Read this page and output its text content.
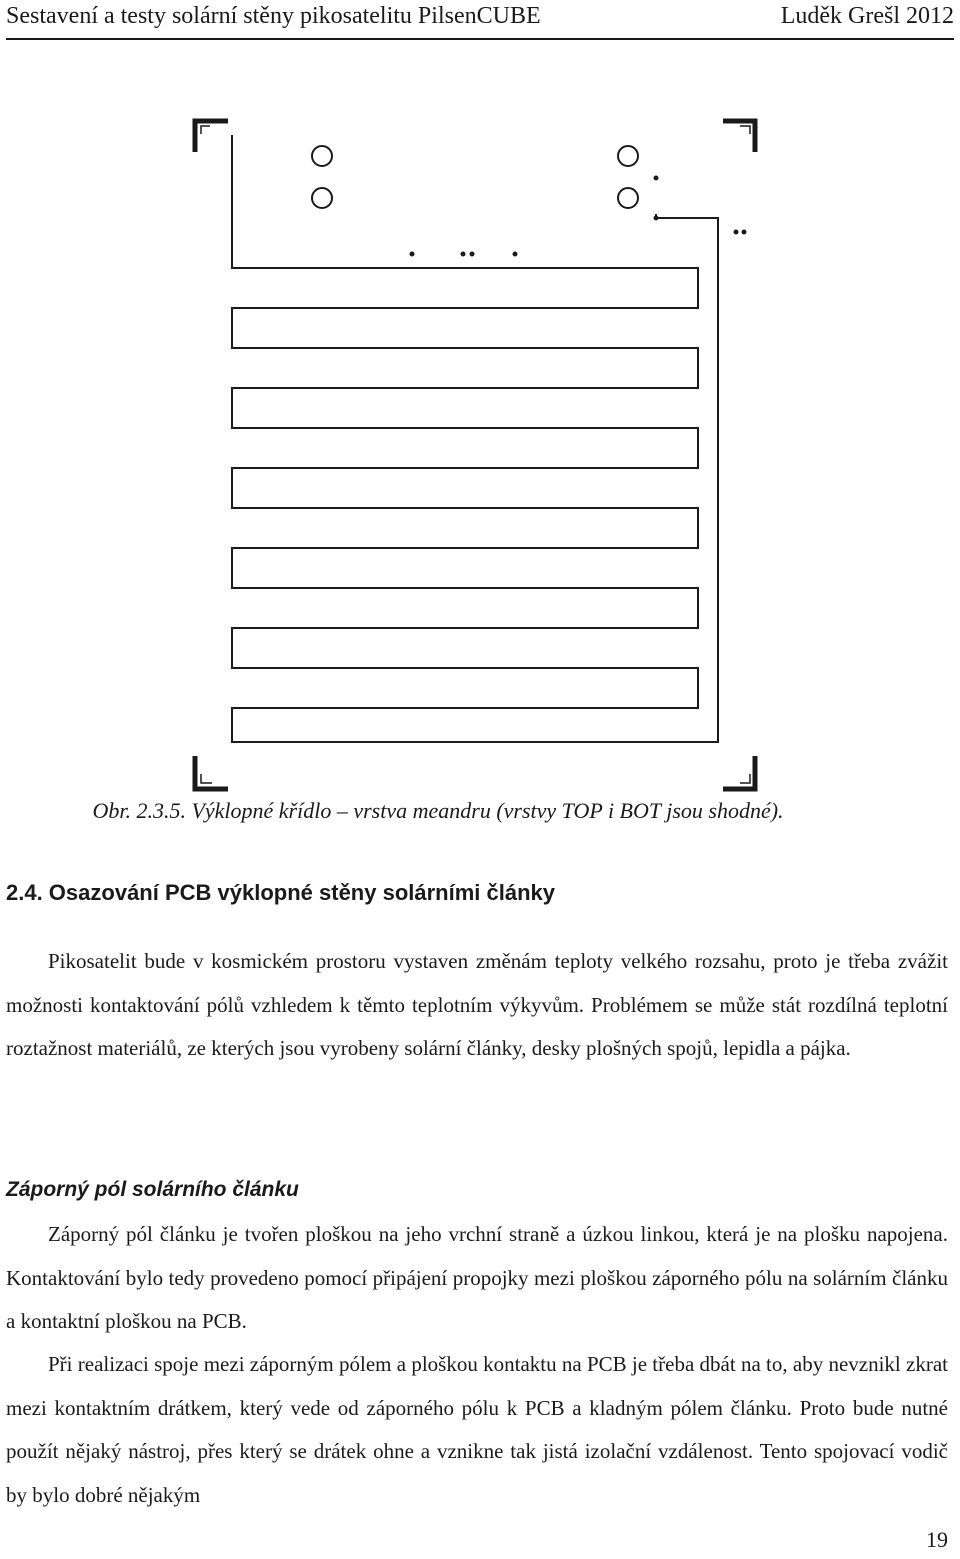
Sestavení a testy solární stěny pikosatelitu PilsenCUBE	Luděk Grešl 2012
Obr. 2.3.5. Výklopné křídlo – vrstva meandru (vrstvy TOP i BOT jsou shodné).
2.4. Osazování PCB výklopné stěny solárními články

Pikosatelit bude v kosmickém prostoru vystaven změnám teploty velkého rozsahu, proto je třeba zvážit možnosti kontaktování pólů vzhledem k těmto teplotním výkyvům. Problémem se může stát rozdílná teplotní roztažnost materiálů, ze kterých jsou vyrobeny solární články, desky plošných spojů, lepidla a pájka.

Záporný pól solárního článku

Záporný pól článku je tvořen ploškou na jeho vrchní straně a úzkou linkou, která je na plošku napojena. Kontaktování bylo tedy provedeno pomocí připájení propojky mezi ploškou záporného pólu na solárním článku a kontaktní ploškou na PCB.

Při realizaci spoje mezi záporným pólem a ploškou kontaktu na PCB je třeba dbát na to, aby nevznikl zkrat mezi kontaktním drátkem, který vede od záporného pólu k PCB a kladným pólem článku. Proto bude nutné použít nějaký nástroj, přes který se drátek ohne a vznikne tak jistá izolační vzdálenost. Tento spojovací vodič by bylo dobré nějakým

19
